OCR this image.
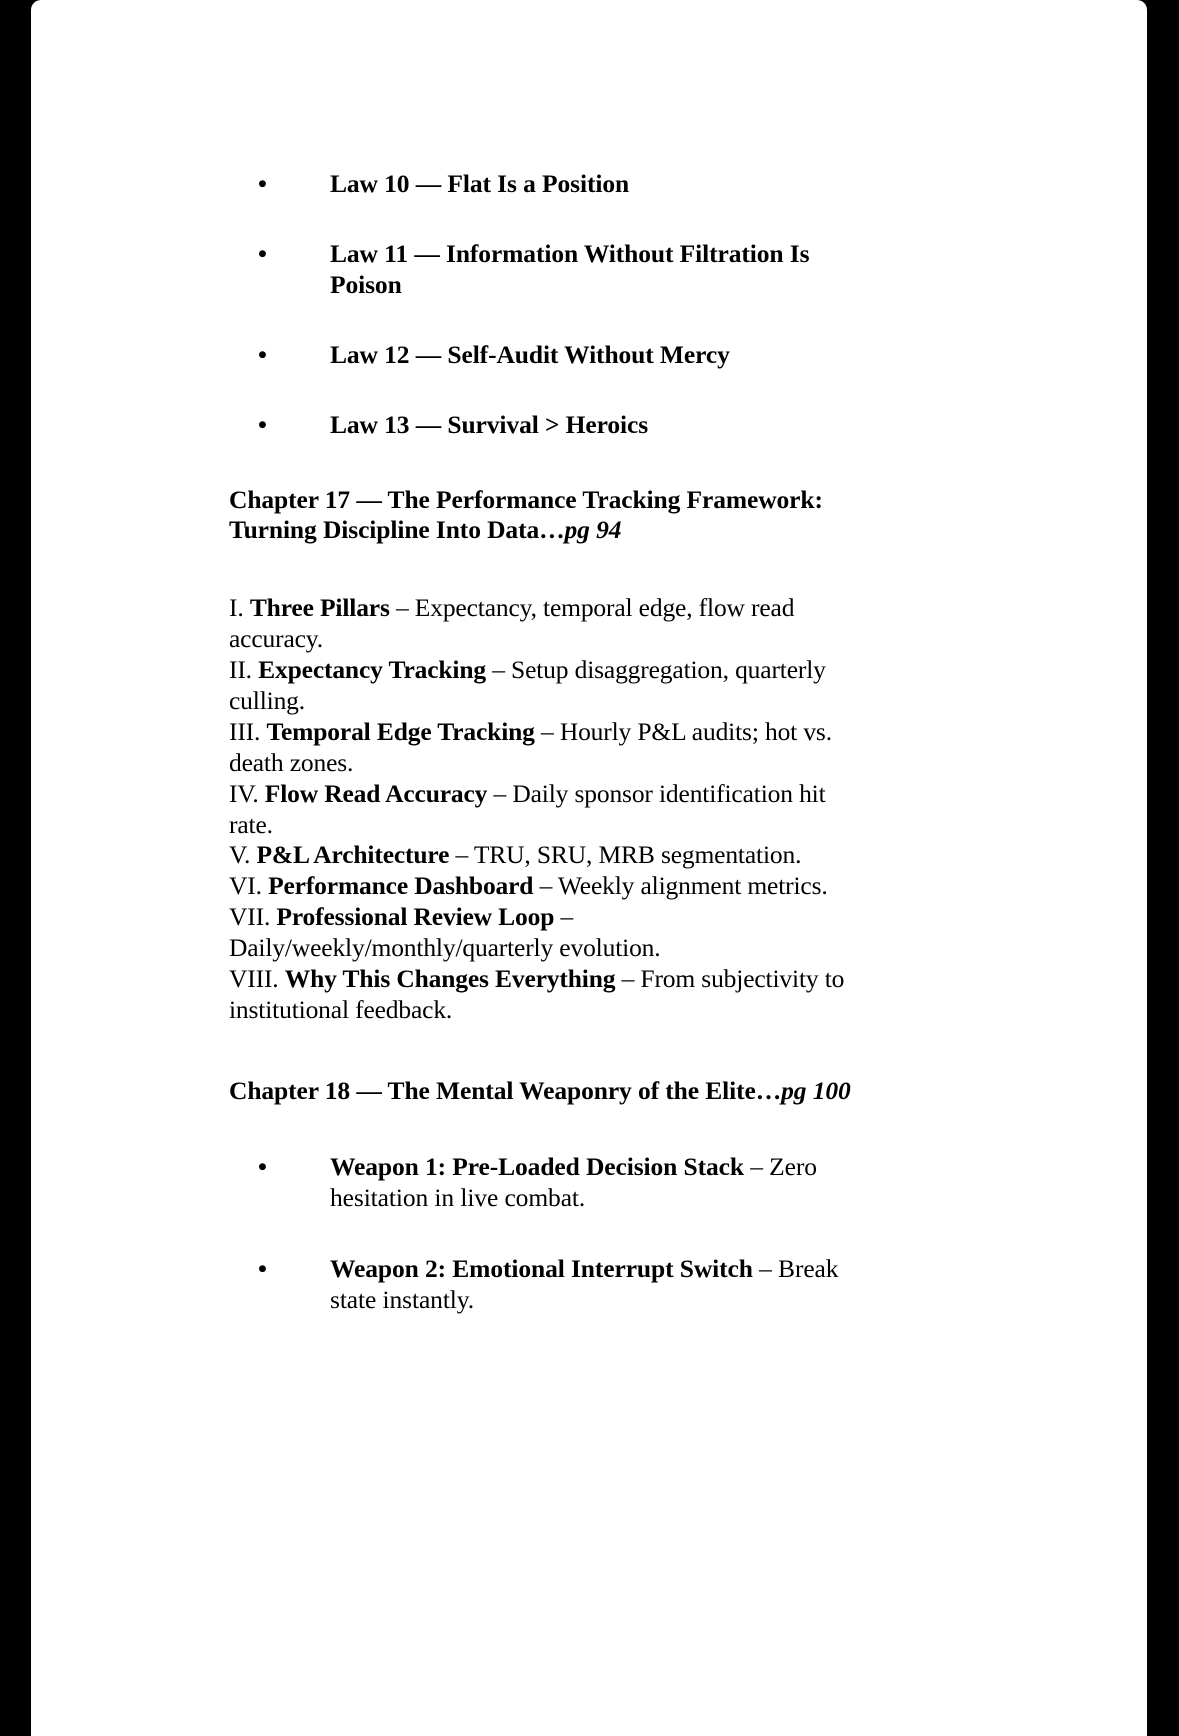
• Law 10 — Flat Is a Position
• Law 11 — Information Without Filtration Is Poison
• Law 12 — Self-Audit Without Mercy
• Law 13 — Survival > Heroics
Chapter 17 — The Performance Tracking Framework: Turning Discipline Into Data…pg 94
I. Three Pillars – Expectancy, temporal edge, flow read accuracy.
II. Expectancy Tracking – Setup disaggregation, quarterly culling.
III. Temporal Edge Tracking – Hourly P&L audits; hot vs. death zones.
IV. Flow Read Accuracy – Daily sponsor identification hit rate.
V. P&L Architecture – TRU, SRU, MRB segmentation.
VI. Performance Dashboard – Weekly alignment metrics.
VII. Professional Review Loop – Daily/weekly/monthly/quarterly evolution.
VIII. Why This Changes Everything – From subjectivity to institutional feedback.
Chapter 18 — The Mental Weaponry of the Elite…pg 100
• Weapon 1: Pre-Loaded Decision Stack – Zero hesitation in live combat.
• Weapon 2: Emotional Interrupt Switch – Break state instantly.
